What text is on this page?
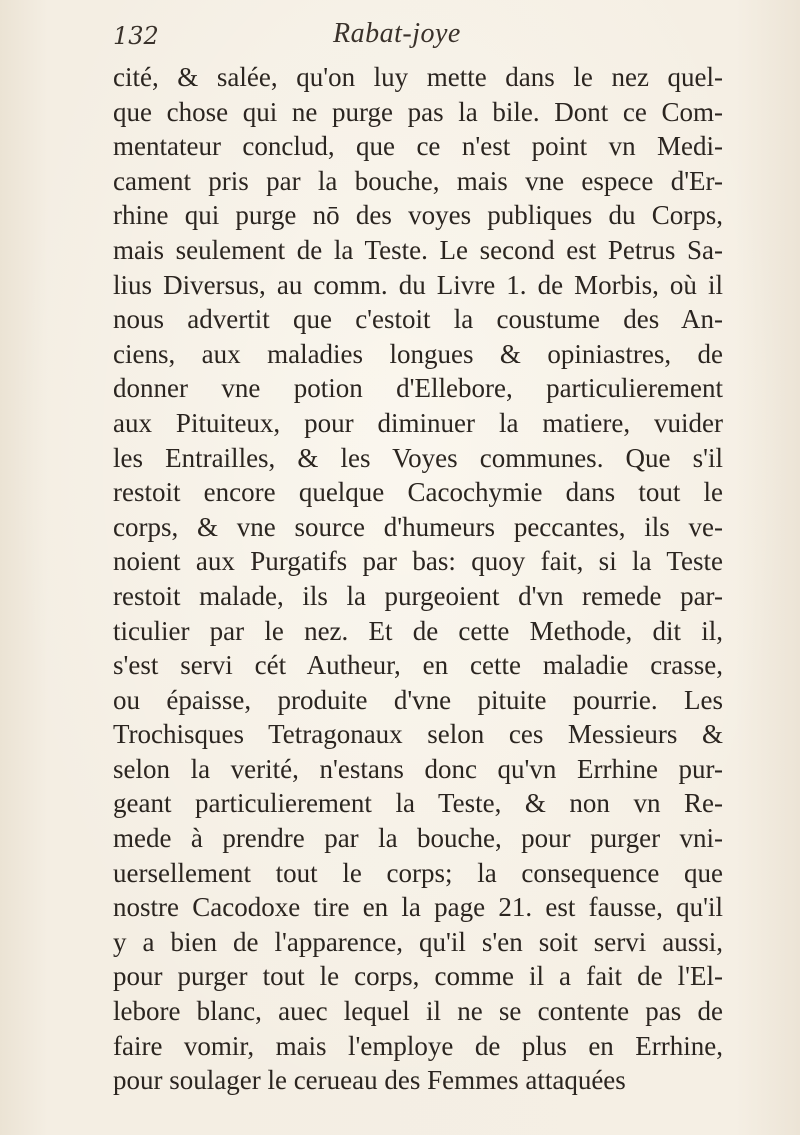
132	Rabat-joye
cité, & salée, qu'on luy mette dans le nez quel-
que chose qui ne purge pas la bile. Dont ce Com-
mentateur conclud, que ce n'est point vn Medi-
cament pris par la bouche, mais vne espece d'Er-
rhine qui purge nō des voyes publiques du Corps,
mais seulement de la Teste. Le second est Petrus Sa-
lius Diversus, au comm. du Livre 1. de Morbis, où il
nous advertit que c'estoit la coustume des An-
ciens, aux maladies longues & opiniastres, de
donner vne potion d'Ellebore, particulierement
aux Pituiteux, pour diminuer la matiere, vuider
les Entrailles, & les Voyes communes. Que s'il
restoit encore quelque Cacochymie dans tout le
corps, & vne source d'humeurs peccantes, ils ve-
noient aux Purgatifs par bas: quoy fait, si la Teste
restoit malade, ils la purgeoient d'vn remede par-
ticulier par le nez. Et de cette Methode, dit il,
s'est servi cét Autheur, en cette maladie crasse,
ou épaisse, produite d'vne pituite pourrie. Les
Trochisques Tetragonaux selon ces Messieurs &
selon la verité, n'estans donc qu'vn Errhine pur-
geant particulierement la Teste, & non vn Re-
mede à prendre par la bouche, pour purger vni-
uersellement tout le corps; la consequence que
nostre Cacodoxe tire en la page 21. est fausse, qu'il
y a bien de l'apparence, qu'il s'en soit servi aussi,
pour purger tout le corps, comme il a fait de l'El-
lebore blanc, auec lequel il ne se contente pas de
faire vomir, mais l'employe de plus en Errhine,
pour soulager le cerueau des Femmes attaquées
